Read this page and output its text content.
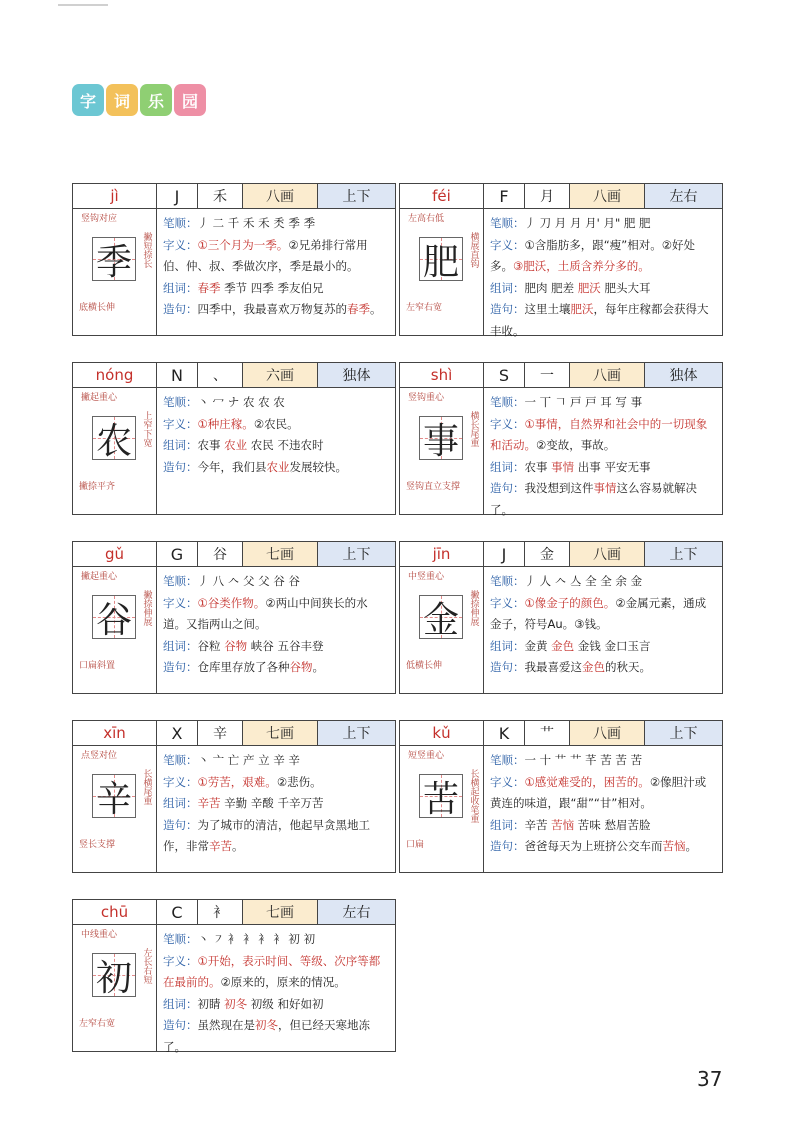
字	词	乐	园
jì	J	禾	八画	上下
竖钩对应
季	撇短捺长
底横长伸
笔顺：丿 二 千 禾 禾 秂 季 季
字义：①三个月为一季。②兄弟排行常用伯、仲、叔、季做次序，季是最小的。
组词：春季 季节 四季 季友伯兄
造句：四季中，我最喜欢万物复苏的春季。
féi	F	月	八画	左右
左高右低
肥	横展直钩
左窄右宽
笔顺：丿 刀 月 月 月' 月" 肥 肥
字义：①含脂肪多，跟“瘦”相对。②好处多。③肥沃，土质含养分多的。
组词：肥肉 肥差 肥沃 肥头大耳
造句：这里土壤肥沃，每年庄稼都会获得大丰收。
nóng	N	、	六画	独体
撇起重心
农	上窄下宽
撇捺平齐
笔顺：丶 冖 ナ 农 农 农
字义：①种庄稼。②农民。
组词：农事 农业 农民 不违农时
造句：今年，我们县农业发展较快。
shì	S	一	八画	独体
竖钩重心
事	横长尾重
竖钩直立支撑
笔顺：一 丅 𠃍 戸 戸 耳 写 事
字义：①事情，自然界和社会中的一切现象和活动。②变故，事故。
组词：农事 事情 出事 平安无事
造句：我没想到这件事情这么容易就解决了。
gǔ	G	谷	七画	上下
撇起重心
谷	撇捺伸展
口扁斜置
笔顺：丿 八 𠆢 父 父 谷 谷
字义：①谷类作物。②两山中间狭长的水道。又指两山之间。
组词：谷粒 谷物 峡谷 五谷丰登
造句：仓库里存放了各种谷物。
jīn	J	金	八画	上下
中竖重心
金	撇捺伸展
低横长伸
笔顺：丿 人 𠆢 亼 全 全 余 金
字义：①像金子的颜色。②金属元素，通成金子，符号Au。③钱。
组词：金黄 金色 金钱 金口玉言
造句：我最喜爱这金色的秋天。
xīn	X	辛	七画	上下
点竖对位
辛	长横尾重
竖长支撑
笔顺：丶 亠 亡 产 立 辛 辛
字义：①劳苦，艰难。②悲伤。
组词：辛苦 辛勤 辛酸 千辛万苦
造句：为了城市的清洁，他起早贪黑地工作，非常辛苦。
kǔ	K	艹	八画	上下
短竖重心
苦	长横起收笔重
口扁
笔顺：一 十 艹 艹 芊 苦 苦 苦
字义：①感觉难受的，困苦的。②像胆汁或黄连的味道，跟“甜”“甘”相对。
组词：辛苦 苦恼 苦味 愁眉苦脸
造句：爸爸每天为上班挤公交车而苦恼。
chū	C	衤	七画	左右
中线重心
初	左长右短
左窄右宽
笔顺：丶 ㇇ 衤 衤 衤 衤 初 初
字义：①开始，表示时间、等级、次序等都在最前的。②原来的，原来的情况。
组词：初睛 初冬 初级 和好如初
造句：虽然现在是初冬，但已经天寒地冻了。
37
